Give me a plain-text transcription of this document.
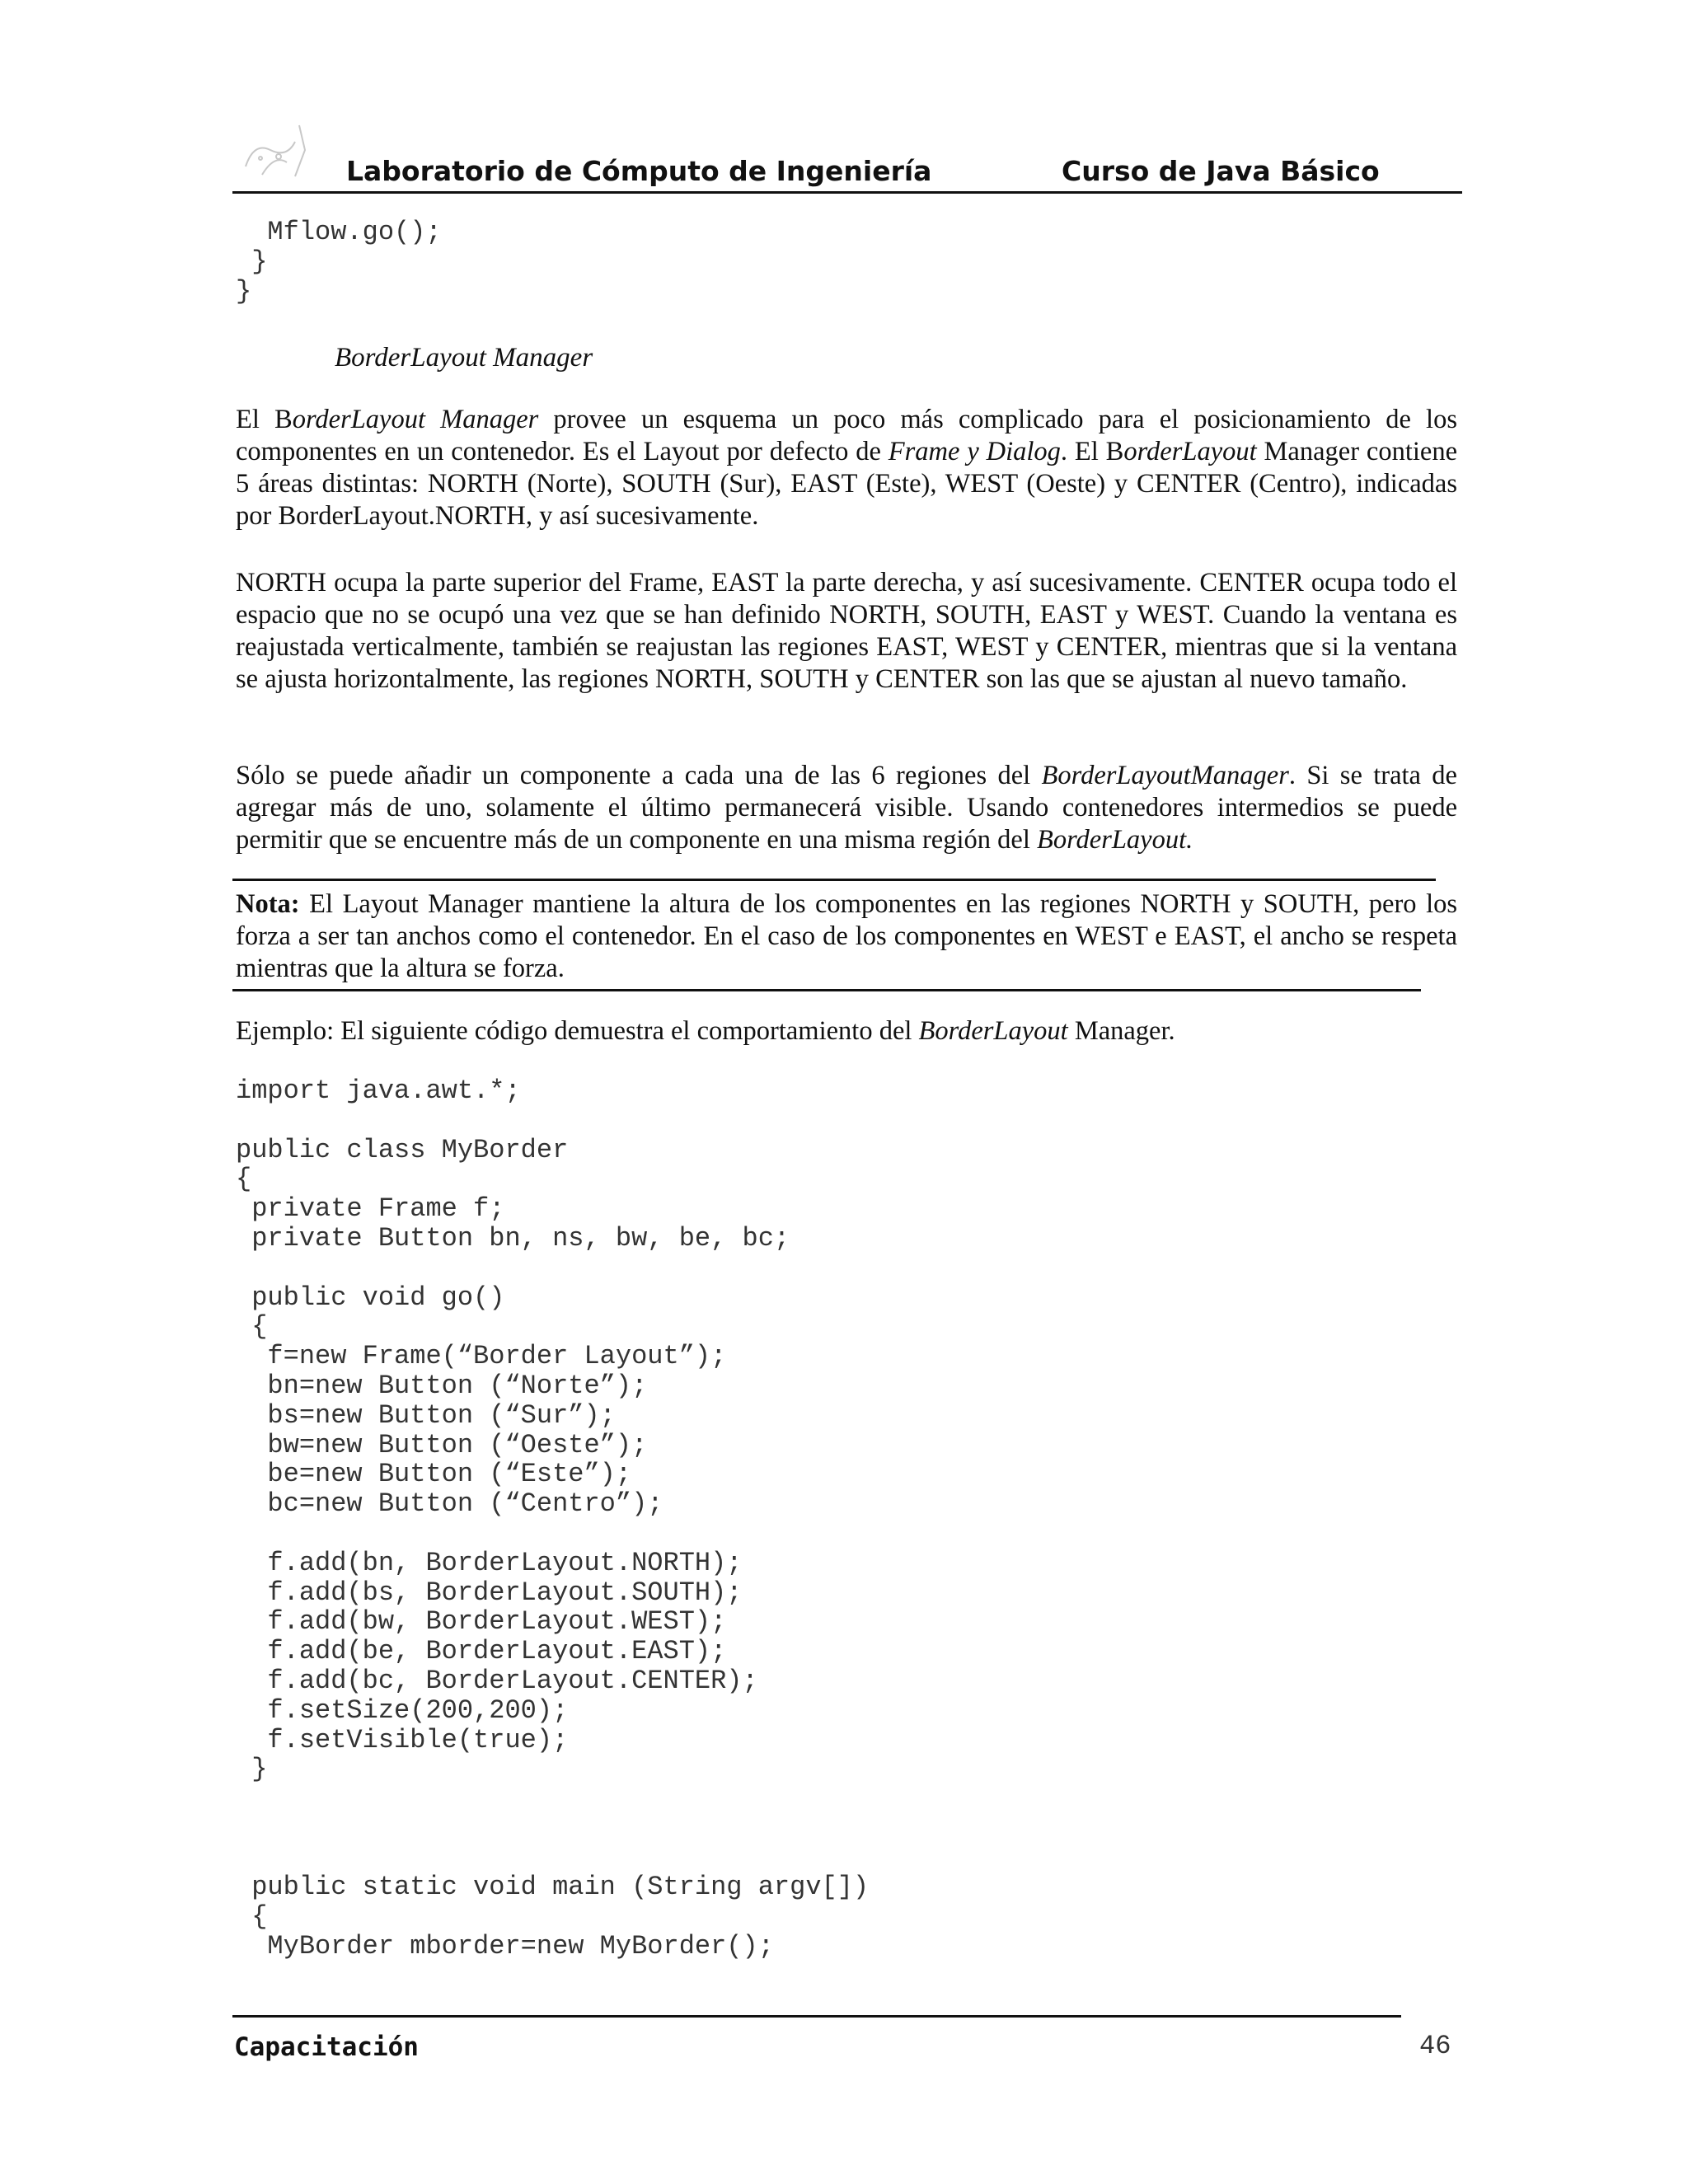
Laboratorio de Cómputo de Ingeniería	Curso de Java Básico
Mflow.go();
}
}
BorderLayout Manager

El BorderLayout Manager provee un esquema un poco más complicado para el posicionamiento de los componentes en un contenedor. Es el Layout por defecto de Frame y Dialog. El BorderLayout Manager contiene 5 áreas distintas: NORTH (Norte), SOUTH (Sur), EAST (Este), WEST (Oeste) y CENTER (Centro), indicadas por BorderLayout.NORTH, y así sucesivamente.

NORTH ocupa la parte superior del Frame, EAST la parte derecha, y así sucesivamente. CENTER ocupa todo el espacio que no se ocupó una vez que se han definido NORTH, SOUTH, EAST y WEST. Cuando la ventana es reajustada verticalmente, también se reajustan las regiones EAST, WEST y CENTER, mientras que si la ventana se ajusta horizontalmente, las regiones NORTH, SOUTH y CENTER son las que se ajustan al nuevo tamaño.

Sólo se puede añadir un componente a cada una de las 6 regiones del BorderLayoutManager. Si se trata de agregar más de uno, solamente el último permanecerá visible. Usando contenedores intermedios se puede permitir que se encuentre más de un componente en una misma región del BorderLayout.

Nota: El Layout Manager mantiene la altura de los componentes en las regiones NORTH y SOUTH, pero los forza a ser tan anchos como el contenedor. En el caso de los componentes en WEST e EAST, el ancho se respeta mientras que la altura se forza.

Ejemplo: El siguiente código demuestra el comportamiento del BorderLayout Manager.

import java.awt.*;

public class MyBorder
{
private Frame f;
private Button bn, ns, bw, be, bc;

public void go()
{
f=new Frame(“Border Layout”);
bn=new Button (“Norte”);
bs=new Button (“Sur”);
bw=new Button (“Oeste”);
be=new Button (“Este”);
bc=new Button (“Centro”);

f.add(bn, BorderLayout.NORTH);
f.add(bs, BorderLayout.SOUTH);
f.add(bw, BorderLayout.WEST);
f.add(be, BorderLayout.EAST);
f.add(bc, BorderLayout.CENTER);
f.setSize(200,200);
f.setVisible(true);
}
public static void main (String argv[])
{
MyBorder mborder=new MyBorder();
Capacitación	46
